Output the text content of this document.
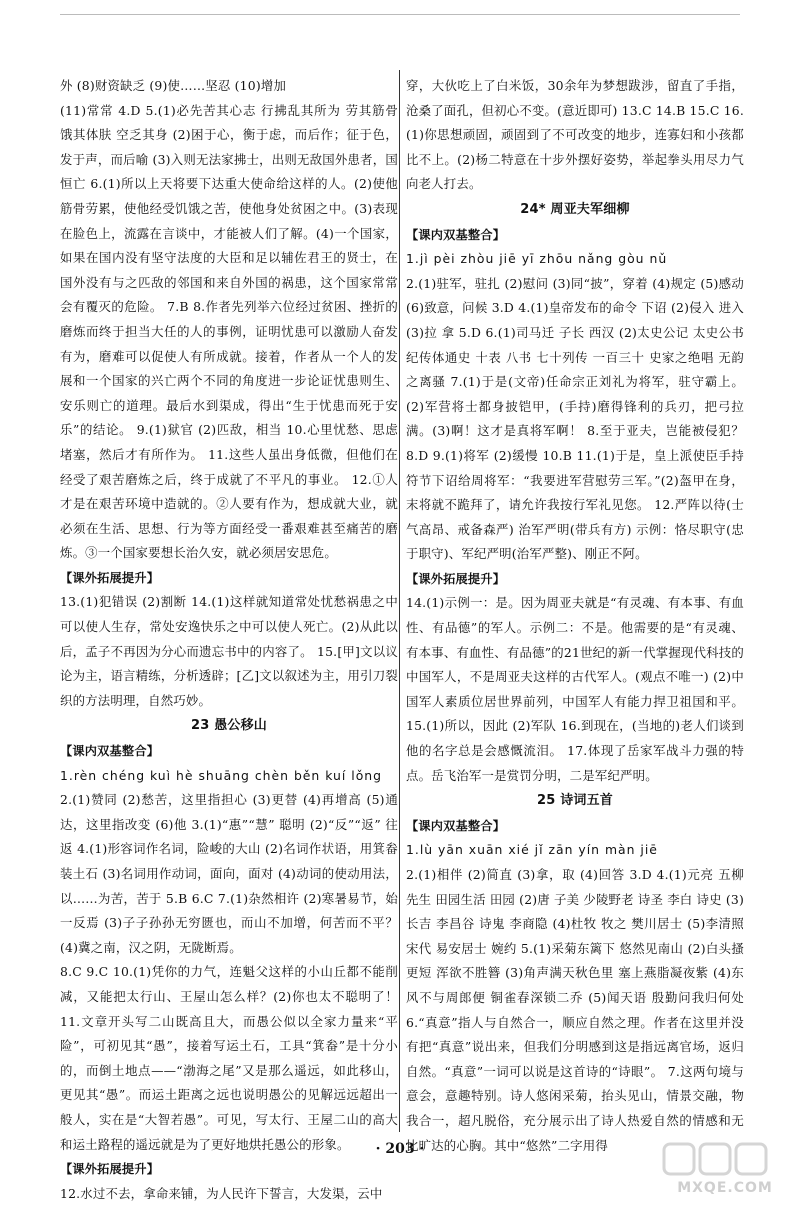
外 (8)财资缺乏 (9)使……坚忍 (10)增加
(11)常常 4.D 5.(1)必先苦其心志 行拂乱其所为 劳其筋骨 饿其体肤 空乏其身 (2)困于心，衡于虑，而后作；征于色，发于声，而后喻 (3)入则无法家拂士，出则无敌国外患者，国恒亡 6.(1)所以上天将要下达重大使命给这样的人。(2)使他筋骨劳累，使他经受饥饿之苦，使他身处贫困之中。(3)表现在脸色上，流露在言谈中，才能被人们了解。(4)一个国家，如果在国内没有坚守法度的大臣和足以辅佐君王的贤士，在国外没有与之匹敌的邻国和来自外国的祸患，这个国家常常会有覆灭的危险。 7.B 8.作者先列举六位经过贫困、挫折的磨炼而终于担当大任的人的事例，证明忧患可以激励人奋发有为，磨难可以促使人有所成就。接着，作者从一个人的发展和一个国家的兴亡两个不同的角度进一步论证忧患则生、安乐则亡的道理。最后水到渠成，得出“生于忧患而死于安乐”的结论。 9.(1)狱官 (2)匹敌，相当 10.心里忧愁、思虑堵塞，然后才有所作为。 11.这些人虽出身低微，但他们在经受了艰苦磨炼之后，终于成就了不平凡的事业。 12.①人才是在艰苦环境中造就的。②人要有作为，想成就大业，就必须在生活、思想、行为等方面经受一番艰难甚至痛苦的磨炼。③一个国家要想长治久安，就必须居安思危。
【课外拓展提升】
13.(1)犯错误 (2)割断 14.(1)这样就知道常处忧愁祸患之中可以使人生存，常处安逸快乐之中可以使人死亡。(2)从此以后，孟子不再因为分心而遗忘书中的内容了。 15.[甲]文以议论为主，语言精练，分析透辟；[乙]文以叙述为主，用引刀裂织的方法明理，自然巧妙。
23 愚公移山
【课内双基整合】
1.rèn chéng kuì hè shuāng chèn běn kuí lǒng
2.(1)赞同 (2)愁苦，这里指担心 (3)更替 (4)再增高 (5)通达，这里指改变 (6)他 3.(1)“惠”“慧” 聪明 (2)“反”“返” 往返 4.(1)形容词作名词，险峻的大山 (2)名词作状语，用箕畚装土石 (3)名词用作动词，面向，面对 (4)动词的使动用法，以……为苦，苦于 5.B 6.C 7.(1)杂然相许 (2)寒暑易节，始一反焉 (3)子子孙孙无穷匮也，而山不加增，何苦而不平？(4)冀之南，汉之阴，无陇断焉。
8.C 9.C 10.(1)凭你的力气，连魁父这样的小山丘都不能削减，又能把太行山、王屋山怎么样？(2)你也太不聪明了！ 11.文章开头写二山既高且大，而愚公似以全家力量来“平险”，可初见其“愚”，接着写运土石，工具“箕畚”是十分小的，而倒土地点——“渤海之尾”又是那么遥远，如此移山，更见其“愚”。而运土距离之远也说明愚公的见解远远超出一般人，实在是“大智若愚”。可见，写太行、王屋二山的高大和运土路程的遥远就是为了更好地烘托愚公的形象。
【课外拓展提升】
12.水过不去，拿命来铺，为人民许下誓言，大发渠，云中
穿，大伙吃上了白米饭，30余年为梦想跋涉，留直了手指，沧桑了面孔，但初心不变。(意近即可) 13.C 14.B 15.C 16.(1)你思想顽固，顽固到了不可改变的地步，连寡妇和小孩都比不上。(2)杨二特意在十步外摆好姿势，举起拳头用尽力气向老人打去。
24* 周亚夫军细柳
【课内双基整合】
1.jì pèi zhòu jiē yī zhōu nǎng gòu nǔ
2.(1)驻军，驻扎 (2)慰问 (3)同“披”，穿着 (4)规定 (5)感动 (6)致意，问候 3.D 4.(1)皇帝发布的命令 下诏 (2)侵入 进入 (3)拉 拿 5.D 6.(1)司马迁 子长 西汉 (2)太史公记 太史公书 纪传体通史 十表 八书 七十列传 一百三十 史家之绝唱 无韵之离骚 7.(1)于是(文帝)任命宗正刘礼为将军，驻守霸上。(2)军营将士都身披铠甲，(手持)磨得锋利的兵刃，把弓拉满。(3)啊！这才是真将军啊！ 8.至于亚夫，岂能被侵犯？ 8.D 9.(1)将军 (2)缓慢 10.B 11.(1)于是，皇上派使臣手持符节下诏给周将军：“我要进军营慰劳三军。”(2)盔甲在身，末将就不跪拜了，请允许我按行军礼见您。 12.严阵以待(士气高昂、戒备森严) 治军严明(带兵有方) 示例：恪尽职守(忠于职守)、军纪严明(治军严整)、刚正不阿。
【课外拓展提升】
14.(1)示例一：是。因为周亚夫就是“有灵魂、有本事、有血性、有品德”的军人。示例二：不是。他需要的是“有灵魂、有本事、有血性、有品德”的21世纪的新一代掌握现代科技的中国军人，不是周亚夫这样的古代军人。(观点不唯一) (2)中国军人素质位居世界前列，中国军人有能力捍卫祖国和平。 15.(1)所以，因此 (2)军队 16.到现在，(当地的)老人们谈到他的名字总是会感慨流泪。 17.体现了岳家军战斗力强的特点。岳飞治军一是赏罚分明，二是军纪严明。
25 诗词五首
【课内双基整合】
1.lù yān xuān xié jǐ zān yín màn jiē
2.(1)相伴 (2)简直 (3)拿，取 (4)回答 3.D 4.(1)元亮 五柳先生 田园生活 田园 (2)唐 子美 少陵野老 诗圣 李白 诗史 (3)长吉 李昌谷 诗鬼 李商隐 (4)杜牧 牧之 樊川居士 (5)李清照 宋代 易安居士 婉约 5.(1)采菊东篱下 悠然见南山 (2)白头搔更短 浑欲不胜簪 (3)角声满天秋色里 塞上燕脂凝夜紫 (4)东风不与周郎便 铜雀春深锁二乔 (5)闻天语 殷勤问我归何处 6.“真意”指人与自然合一，顺应自然之理。作者在这里并没有把“真意”说出来，但我们分明感到这是指远离官场，返归自然。“真意”一词可以说是这首诗的“诗眼”。 7.这两句境与意会，意趣特别。诗人悠闲采菊，抬头见山，情景交融，物我合一，超凡脱俗，充分展示出了诗人热爱自然的情感和无比旷达的心胸。其中“悠然”二字用得
· 203 ·
MXQE.COM
